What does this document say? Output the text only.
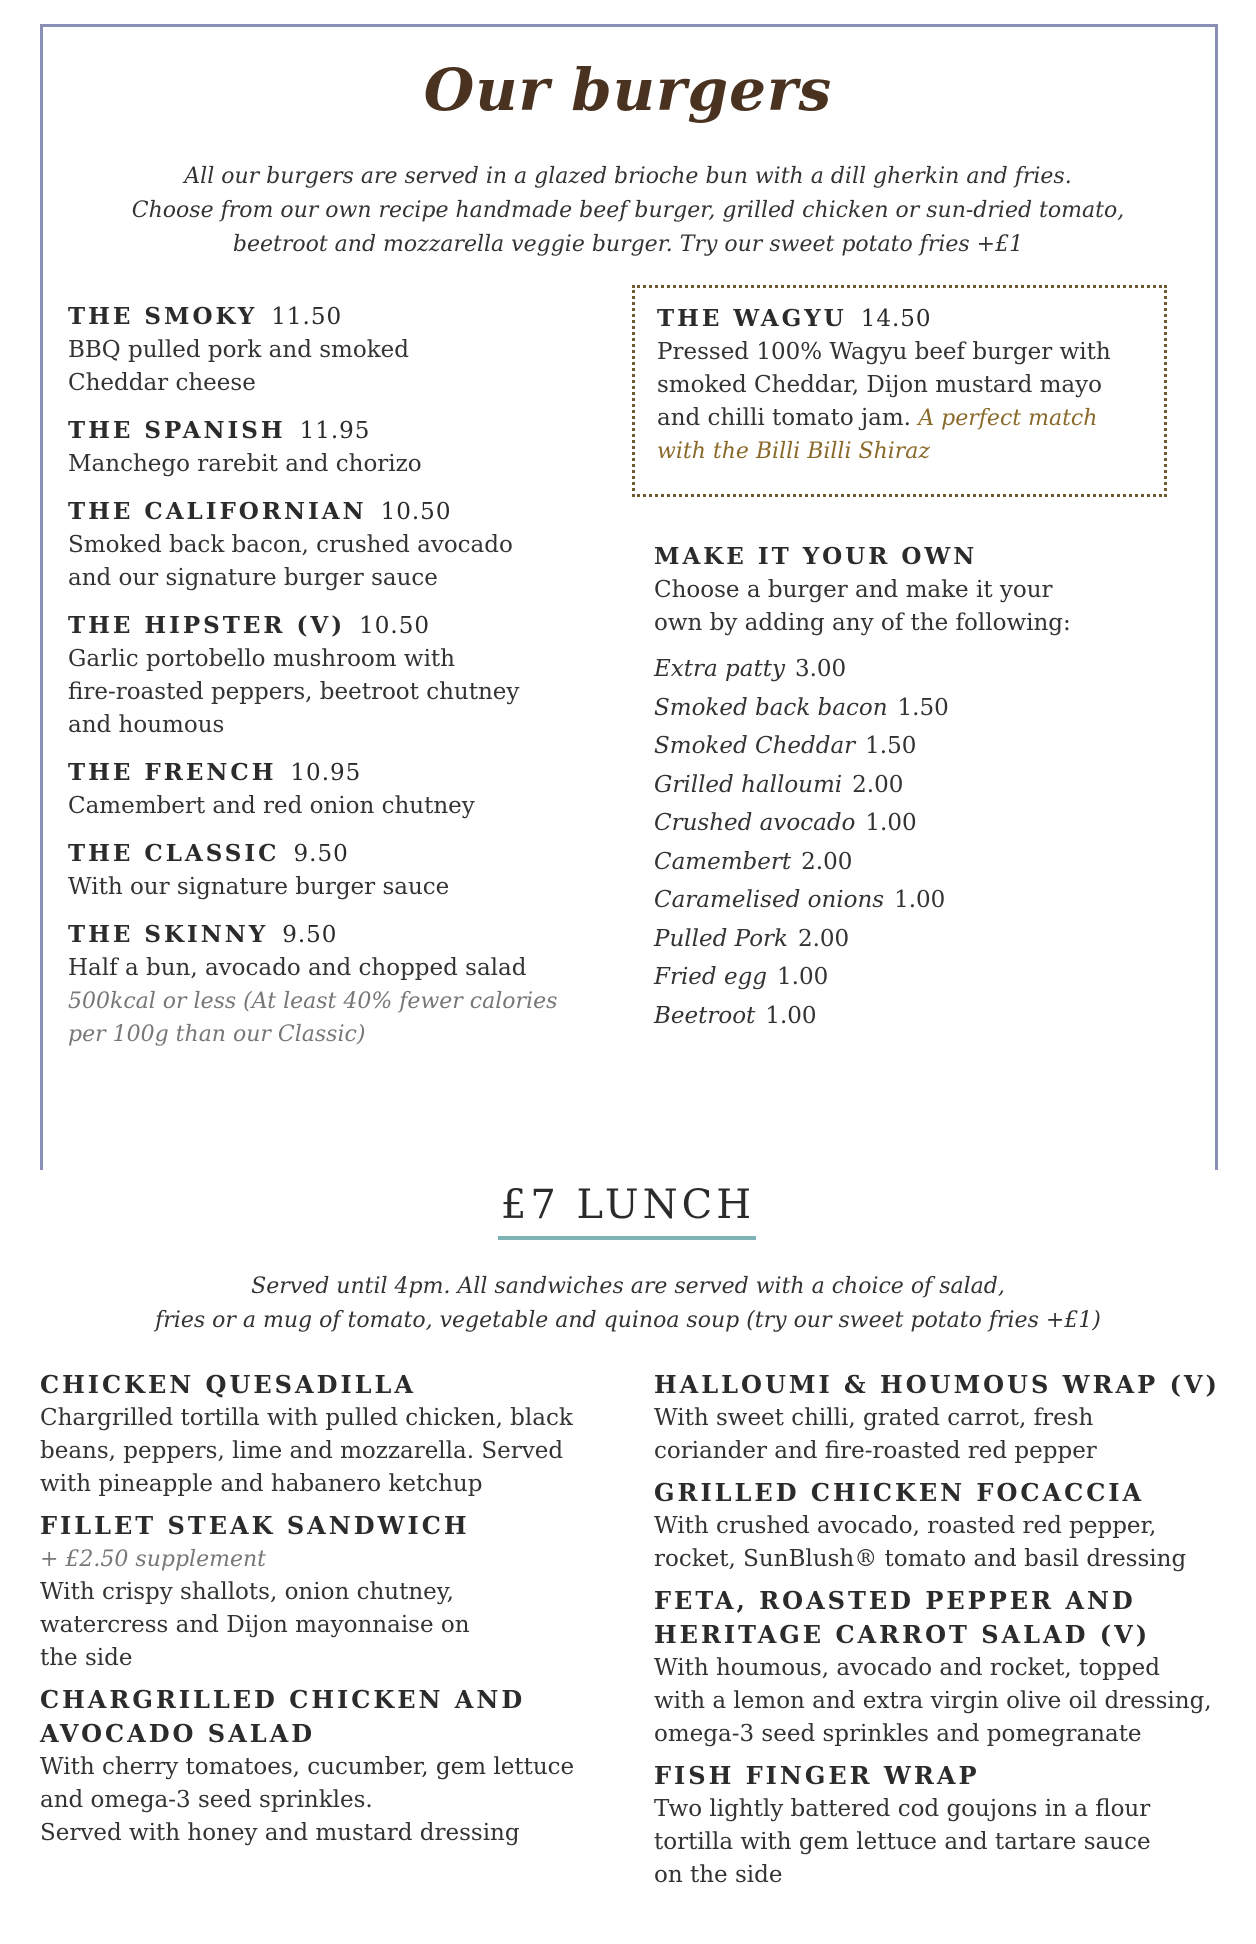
Our burgers
All our burgers are served in a glazed brioche bun with a dill gherkin and fries.
Choose from our own recipe handmade beef burger, grilled chicken or sun-dried tomato,
beetroot and mozzarella veggie burger. Try our sweet potato fries +£1
THE SMOKY 11.50
BBQ pulled pork and smoked
Cheddar cheese
THE SPANISH 11.95
Manchego rarebit and chorizo
THE CALIFORNIAN 10.50
Smoked back bacon, crushed avocado
and our signature burger sauce
THE HIPSTER (V) 10.50
Garlic portobello mushroom with
fire-roasted peppers, beetroot chutney
and houmous
THE FRENCH 10.95
Camembert and red onion chutney
THE CLASSIC 9.50
With our signature burger sauce
THE SKINNY 9.50
Half a bun, avocado and chopped salad
500kcal or less (At least 40% fewer calories
per 100g than our Classic)
THE WAGYU 14.50
Pressed 100% Wagyu beef burger with
smoked Cheddar, Dijon mustard mayo
and chilli tomato jam. A perfect match
with the Billi Billi Shiraz
MAKE IT YOUR OWN
Choose a burger and make it your
own by adding any of the following:
Extra patty 3.00
Smoked back bacon 1.50
Smoked Cheddar 1.50
Grilled halloumi 2.00
Crushed avocado 1.00
Camembert 2.00
Caramelised onions 1.00
Pulled Pork 2.00
Fried egg 1.00
Beetroot 1.00
£7 LUNCH
Served until 4pm. All sandwiches are served with a choice of salad,
fries or a mug of tomato, vegetable and quinoa soup (try our sweet potato fries +£1)
CHICKEN QUESADILLA
Chargrilled tortilla with pulled chicken, black
beans, peppers, lime and mozzarella. Served
with pineapple and habanero ketchup
FILLET STEAK SANDWICH
+ £2.50 supplement
With crispy shallots, onion chutney,
watercress and Dijon mayonnaise on
the side
CHARGRILLED CHICKEN AND
AVOCADO SALAD
With cherry tomatoes, cucumber, gem lettuce
and omega-3 seed sprinkles.
Served with honey and mustard dressing
HALLOUMI & HOUMOUS WRAP (V)
With sweet chilli, grated carrot, fresh
coriander and fire-roasted red pepper
GRILLED CHICKEN FOCACCIA
With crushed avocado, roasted red pepper,
rocket, SunBlush® tomato and basil dressing
FETA, ROASTED PEPPER AND
HERITAGE CARROT SALAD (V)
With houmous, avocado and rocket, topped
with a lemon and extra virgin olive oil dressing,
omega-3 seed sprinkles and pomegranate
FISH FINGER WRAP
Two lightly battered cod goujons in a flour
tortilla with gem lettuce and tartare sauce
on the side
